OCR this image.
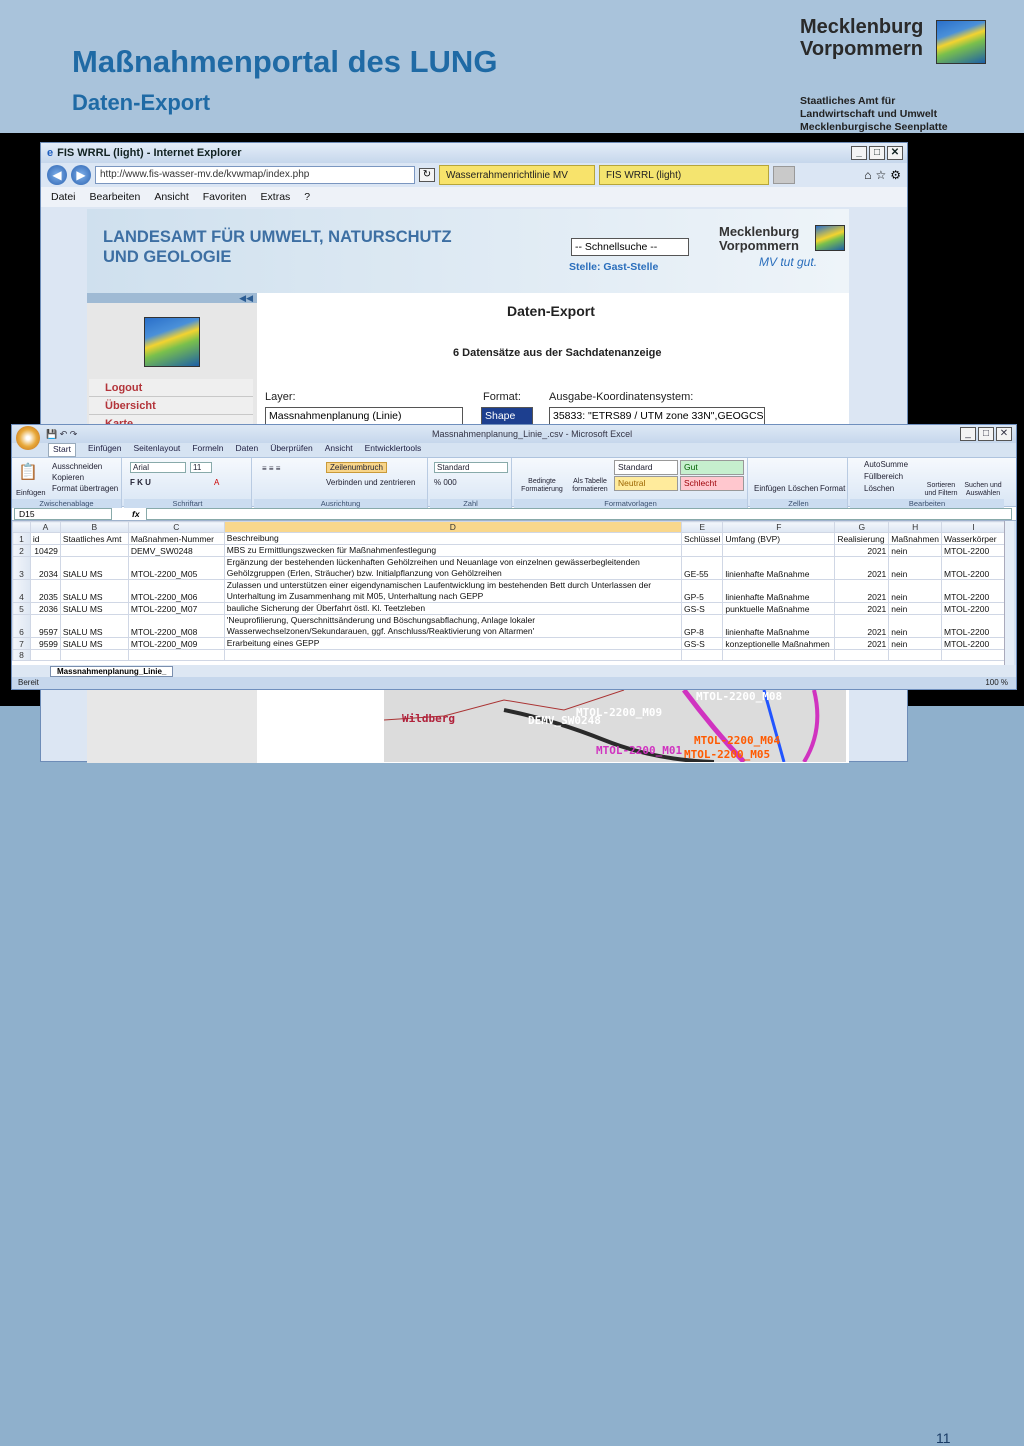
Maßnahmenportal des LUNG
Daten-Export
Mecklenburg
Vorpommern
Staatliches Amt für
Landwirtschaft und Umwelt
Mecklenburgische Seenplatte
11
e FIS WRRL (light) - Internet Explorer	_	□	✕
◀	▶	http://www.fis-wasser-mv.de/kvwmap/index.php	↻	Wasserrahmenrichtlinie MV	FIS WRRL (light)	⌂ ☆ ⚙
Datei Bearbeiten Ansicht Favoriten Extras ?
LANDESAMT FÜR UMWELT, NATURSCHUTZ
UND GEOLOGIE
-- Schnellsuche --
Stelle: Gast-Stelle
Mecklenburg
Vorpommern
MV tut gut.
◀◀
Logout
Übersicht
Daten-Export
6 Datensätze aus der Sachdatenanzeige
Layer:	Format:	Ausgabe-Koordinatensystem:
Massnahmenplanung (Linie)	Shape	35833: "ETRS89 / UTM zone 33N",GEOGCS
DEMV_SW0248
Wildberg
MTOL-2200_M01
MTOL-2200_M04
MTOL-2200_M05
MTOL-2200_M08
MTOL-2200_M09
💾 ↶ ↷	Massnahmenplanung_Linie_.csv - Microsoft Excel	_	□	✕
Start	Einfügen Seitenlayout Formeln Daten Überprüfen Ansicht Entwicklertools
📋
Einfügen
Ausschneiden
Kopieren
Format übertragen
Zwischenablage
Arial	11
F K U	A
Schriftart
Zeilenumbruch
Verbinden und zentrieren
≡ ≡ ≡
Ausrichtung
Standard
% 000
Zahl
Bedingte Formatierung
Als Tabelle formatieren
Standard	Gut
Neutral	Schlecht
Formatvorlagen
Einfügen Löschen Format
Zellen
AutoSumme
Füllbereich
Löschen	Sortieren und Filtern
Suchen und Auswählen
Bearbeiten
D15	fx
	A	B	C	D	E	F	G	H	I
1	id	Staatliches Amt	Maßnahmen-Nummer	Beschreibung	Schlüssel	Umfang (BVP)	Realisierung	Maßnahmen	Wasserkörper
2	10429		DEMV_SW0248	MBS zu Ermittlungszwecken für Maßnahmenfestlegung			2021	nein	MTOL-2200
3	2034	StALU MS	MTOL-2200_M05	Ergänzung der bestehenden lückenhaften Gehölzreihen und Neuanlage von einzelnen gewässerbegleitenden Gehölzgruppen (Erlen, Sträucher) bzw. Initialpflanzung von Gehölzreihen	GE-55	linienhafte Maßnahme	2021	nein	MTOL-2200
4	2035	StALU MS	MTOL-2200_M06	Zulassen und unterstützen einer eigendynamischen Laufentwicklung im bestehenden Bett durch Unterlassen der Unterhaltung im Zusammenhang mit M05, Unterhaltung nach GEPP	GP-5	linienhafte Maßnahme	2021	nein	MTOL-2200
5	2036	StALU MS	MTOL-2200_M07	bauliche Sicherung der Überfahrt östl. Kl. Teetzleben	GS-S	punktuelle Maßnahme	2021	nein	MTOL-2200
6	9597	StALU MS	MTOL-2200_M08	'Neuprofilierung, Querschnittsänderung und Böschungsabflachung, Anlage lokaler Wasserwechselzonen/Sekundarauen, ggf. Anschluss/Reaktivierung von Altarmen'	GP-8	linienhafte Maßnahme	2021	nein	MTOL-2200
7	9599	StALU MS	MTOL-2200_M09	Erarbeitung eines GEPP	GS-S	konzeptionelle Maßnahmen	2021	nein	MTOL-2200
8									
Massnahmenplanung_Linie_
Bereit	100 %
